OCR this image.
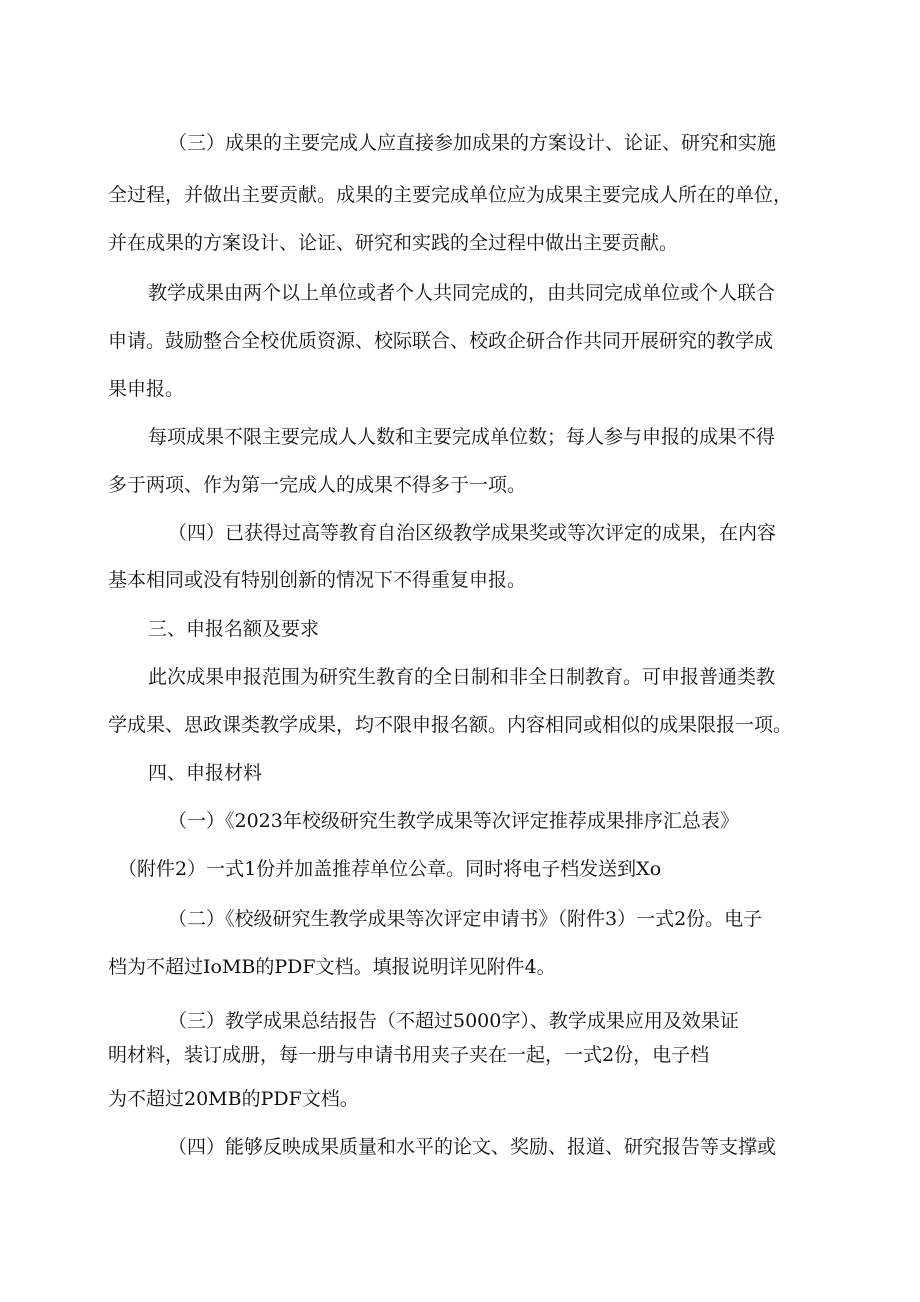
（三）成果的主要完成人应直接参加成果的方案设计、论证、研究和实施

全过程，并做出主要贡献。成果的主要完成单位应为成果主要完成人所在的单位，

并在成果的方案设计、论证、研究和实践的全过程中做出主要贡献。

教学成果由两个以上单位或者个人共同完成的，由共同完成单位或个人联合

申请。鼓励整合全校优质资源、校际联合、校政企研合作共同开展研究的教学成

果申报。

每项成果不限主要完成人人数和主要完成单位数；每人参与申报的成果不得

多于两项、作为第一完成人的成果不得多于一项。

（四）已获得过高等教育自治区级教学成果奖或等次评定的成果，在内容

基本相同或没有特别创新的情况下不得重复申报。

三、申报名额及要求

此次成果申报范围为研究生教育的全日制和非全日制教育。可申报普通类教

学成果、思政课类教学成果，均不限申报名额。内容相同或相似的成果限报一项。

四、申报材料

（一）《2023年校级研究生教学成果等次评定推荐成果排序汇总表》

（附件2）一式1份并加盖推荐单位公章。同时将电子档发送到Xo

（二）《校级研究生教学成果等次评定申请书》（附件3）一式2份。电子

档为不超过IoMB的PDF文档。填报说明详见附件4。

（三）教学成果总结报告（不超过5000字）、教学成果应用及效果证

明材料，装订成册，每一册与申请书用夹子夹在一起，一式2份，电子档

为不超过20MB的PDF文档。

（四）能够反映成果质量和水平的论文、奖励、报道、研究报告等支撑或
